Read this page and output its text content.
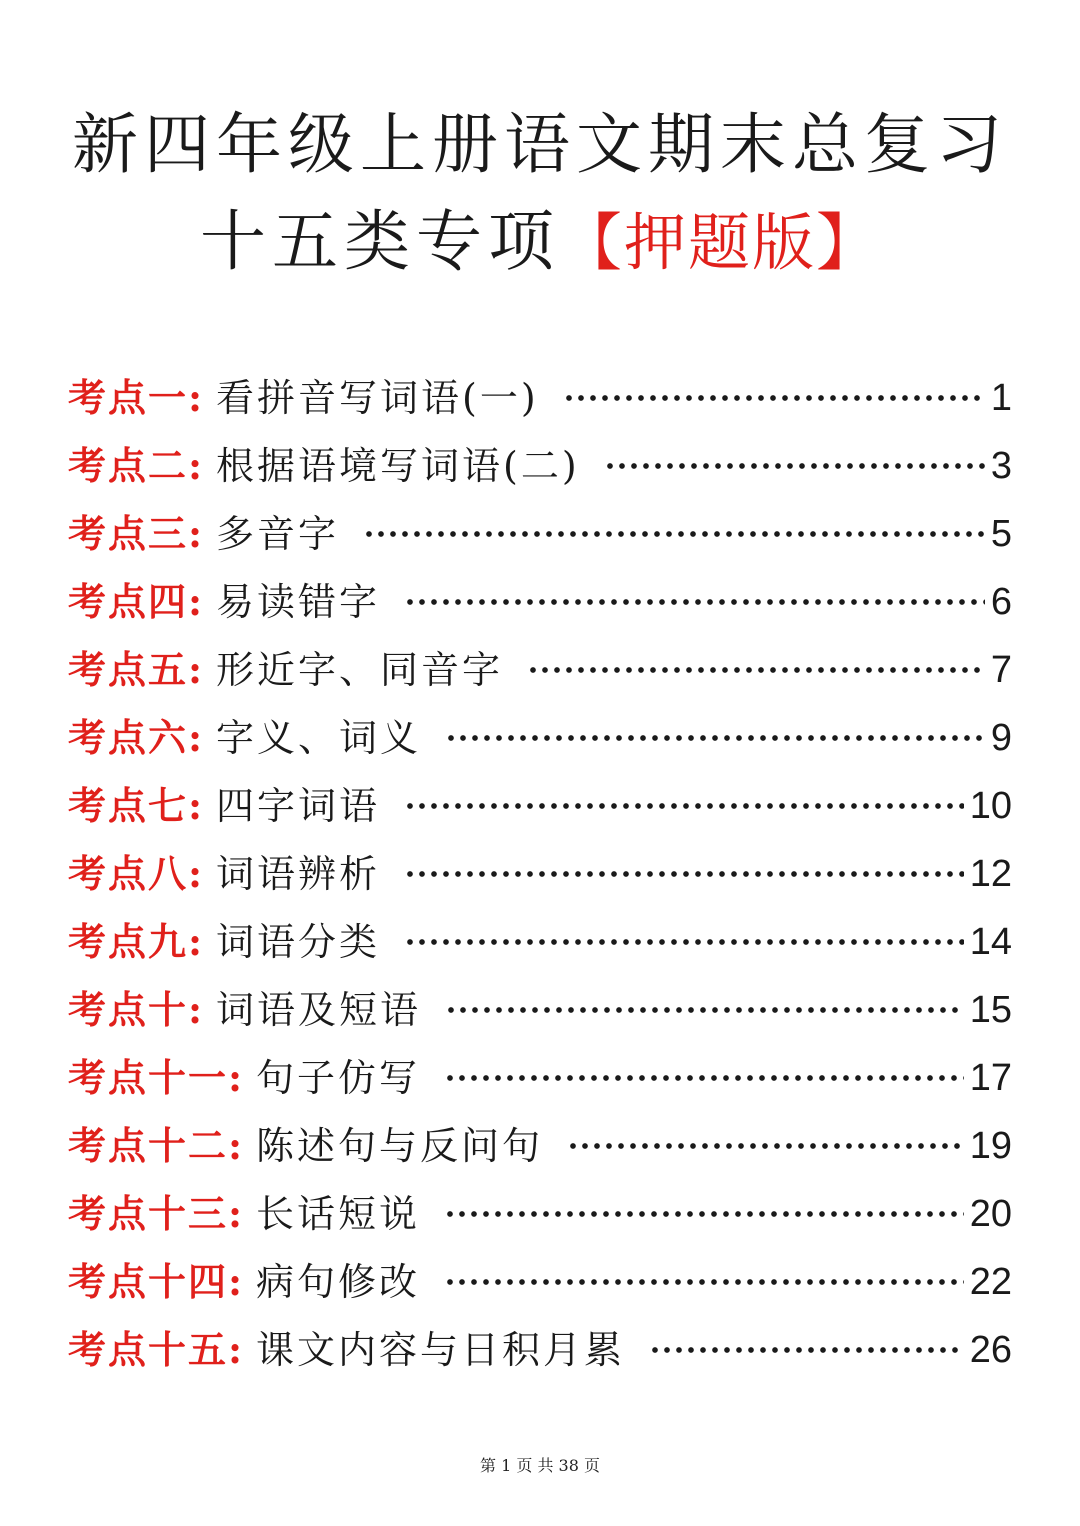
新四年级上册语文期末总复习
十五类专项【押题版】
考点一: 看拼音写词语(一)	1
考点二: 根据语境写词语(二)	3
考点三: 多音字	5
考点四: 易读错字	6
考点五: 形近字、同音字	7
考点六: 字义、词义	9
考点七: 四字词语	10
考点八: 词语辨析	12
考点九: 词语分类	14
考点十: 词语及短语	15
考点十一: 句子仿写	17
考点十二: 陈述句与反问句	19
考点十三: 长话短说	20
考点十四: 病句修改	22
考点十五: 课文内容与日积月累	26
第 1 页 共 38 页
